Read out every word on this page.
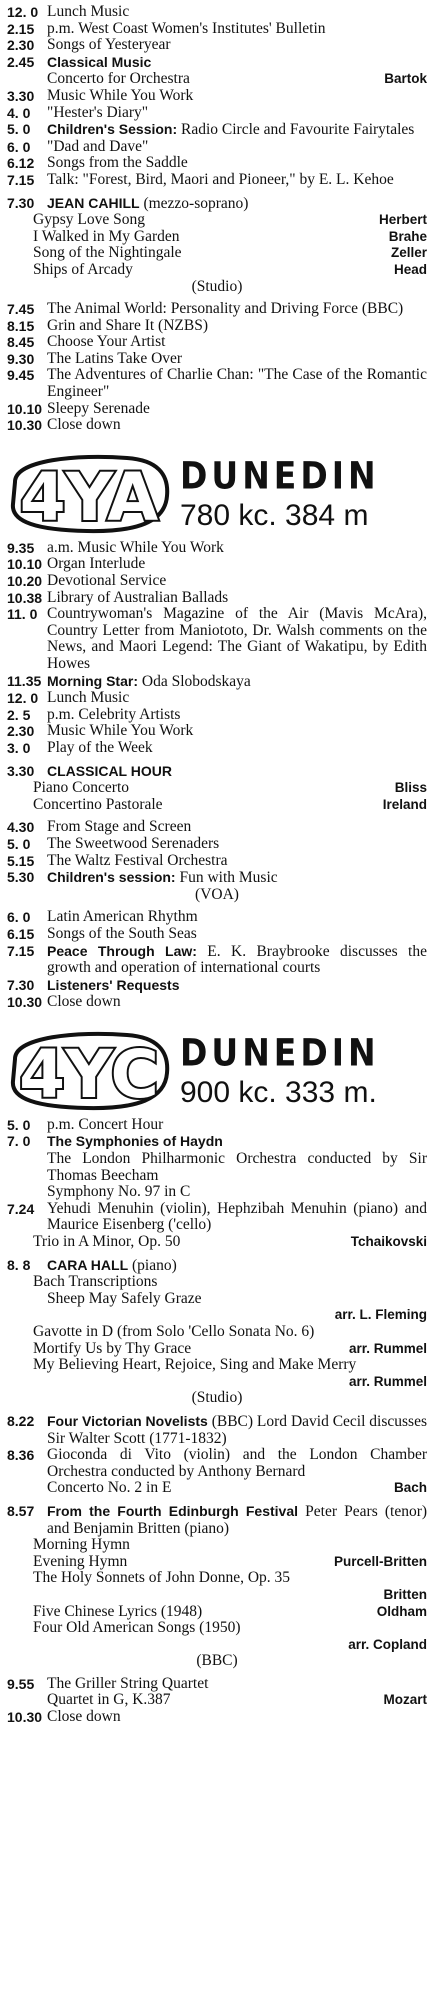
12. 0 Lunch Music
2.15 p.m. West Coast Women's Institutes' Bulletin
2.30 Songs of Yesteryear
2.45 Classical Music
Concerto for Orchestra	Bartok
3.30 Music While You Work
4. 0	"Hester's Diary"
5. 0	Children's Session: Radio Circle and Favourite Fairytales
6. 0	"Dad and Dave"
6.12 Songs from the Saddle
7.15 Talk: "Forest, Bird, Maori and Pioneer," by E. L. Kehoe
7.30 JEAN CAHILL (mezzo-soprano)
Gypsy Love Song	Herbert
I Walked in My Garden	Brahe
Song of the Nightingale	Zeller
Ships of Arcady	Head
(Studio)
7.45 The Animal World: Personality and Driving Force (BBC)
8.15 Grin and Share It (NZBS)
8.45 Choose Your Artist
9.30 The Latins Take Over
9.45 The Adventures of Charlie Chan: "The Case of the Romantic Engineer"
10.10 Sleepy Serenade
10.30 Close down
4YA DUNEDIN
780 kc. 384 m
9.35 a.m. Music While You Work
10.10 Organ Interlude
10.20 Devotional Service
10.38 Library of Australian Ballads
11. 0 Countrywoman's Magazine of the Air (Mavis McAra), Country Letter from Maniototo, Dr. Walsh comments on the News, and Maori Legend: The Giant of Wakatipu, by Edith Howes
11.35 Morning Star: Oda Slobodskaya
12. 0 Lunch Music
2. 5	p.m. Celebrity Artists
2.30 Music While You Work
3. 0	Play of the Week
3.30 CLASSICAL HOUR
Piano Concerto	Bliss
Concertino Pastorale	Ireland
4.30 From Stage and Screen
5. 0	The Sweetwood Serenaders
5.15 The Waltz Festival Orchestra
5.30 Children's session: Fun with Music
(VOA)
6. 0	Latin American Rhythm
6.15 Songs of the South Seas
7.15 Peace Through Law: E. K. Braybrooke discusses the growth and operation of international courts
7.30 Listeners' Requests
10.30 Close down
4YC DUNEDIN
900 kc. 333 m.
5. 0	p.m. Concert Hour
7. 0	The Symphonies of Haydn
The London Philharmonic Orchestra conducted by Sir Thomas Beecham
Symphony No. 97 in C
7.24 Yehudi Menuhin (violin), Hephzibah Menuhin (piano) and Maurice Eisenberg ('cello)
Trio in A Minor, Op. 50	Tchaikovski
8. 8	CARA HALL (piano)
Bach Transcriptions
Sheep May Safely Graze
arr. L. Fleming
Gavotte in D (from Solo 'Cello Sonata No. 6)
Mortify Us by Thy Grace	arr. Rummel
My Believing Heart, Rejoice, Sing and Make Merry
arr. Rummel
(Studio)
8.22 Four Victorian Novelists (BBC) Lord David Cecil discusses Sir Walter Scott (1771-1832)
8.36 Gioconda di Vito (violin) and the London Chamber Orchestra conducted by Anthony Bernard
Concerto No. 2 in E	Bach
8.57 From the Fourth Edinburgh Festival Peter Pears (tenor) and Benjamin Britten (piano)
Morning Hymn
Evening Hymn	Purcell-Britten
The Holy Sonnets of John Donne, Op. 35
Britten
Five Chinese Lyrics (1948)	Oldham
Four Old American Songs (1950)
arr. Copland
(BBC)
9.55 The Griller String Quartet
Quartet in G, K.387	Mozart
10.30 Close down
